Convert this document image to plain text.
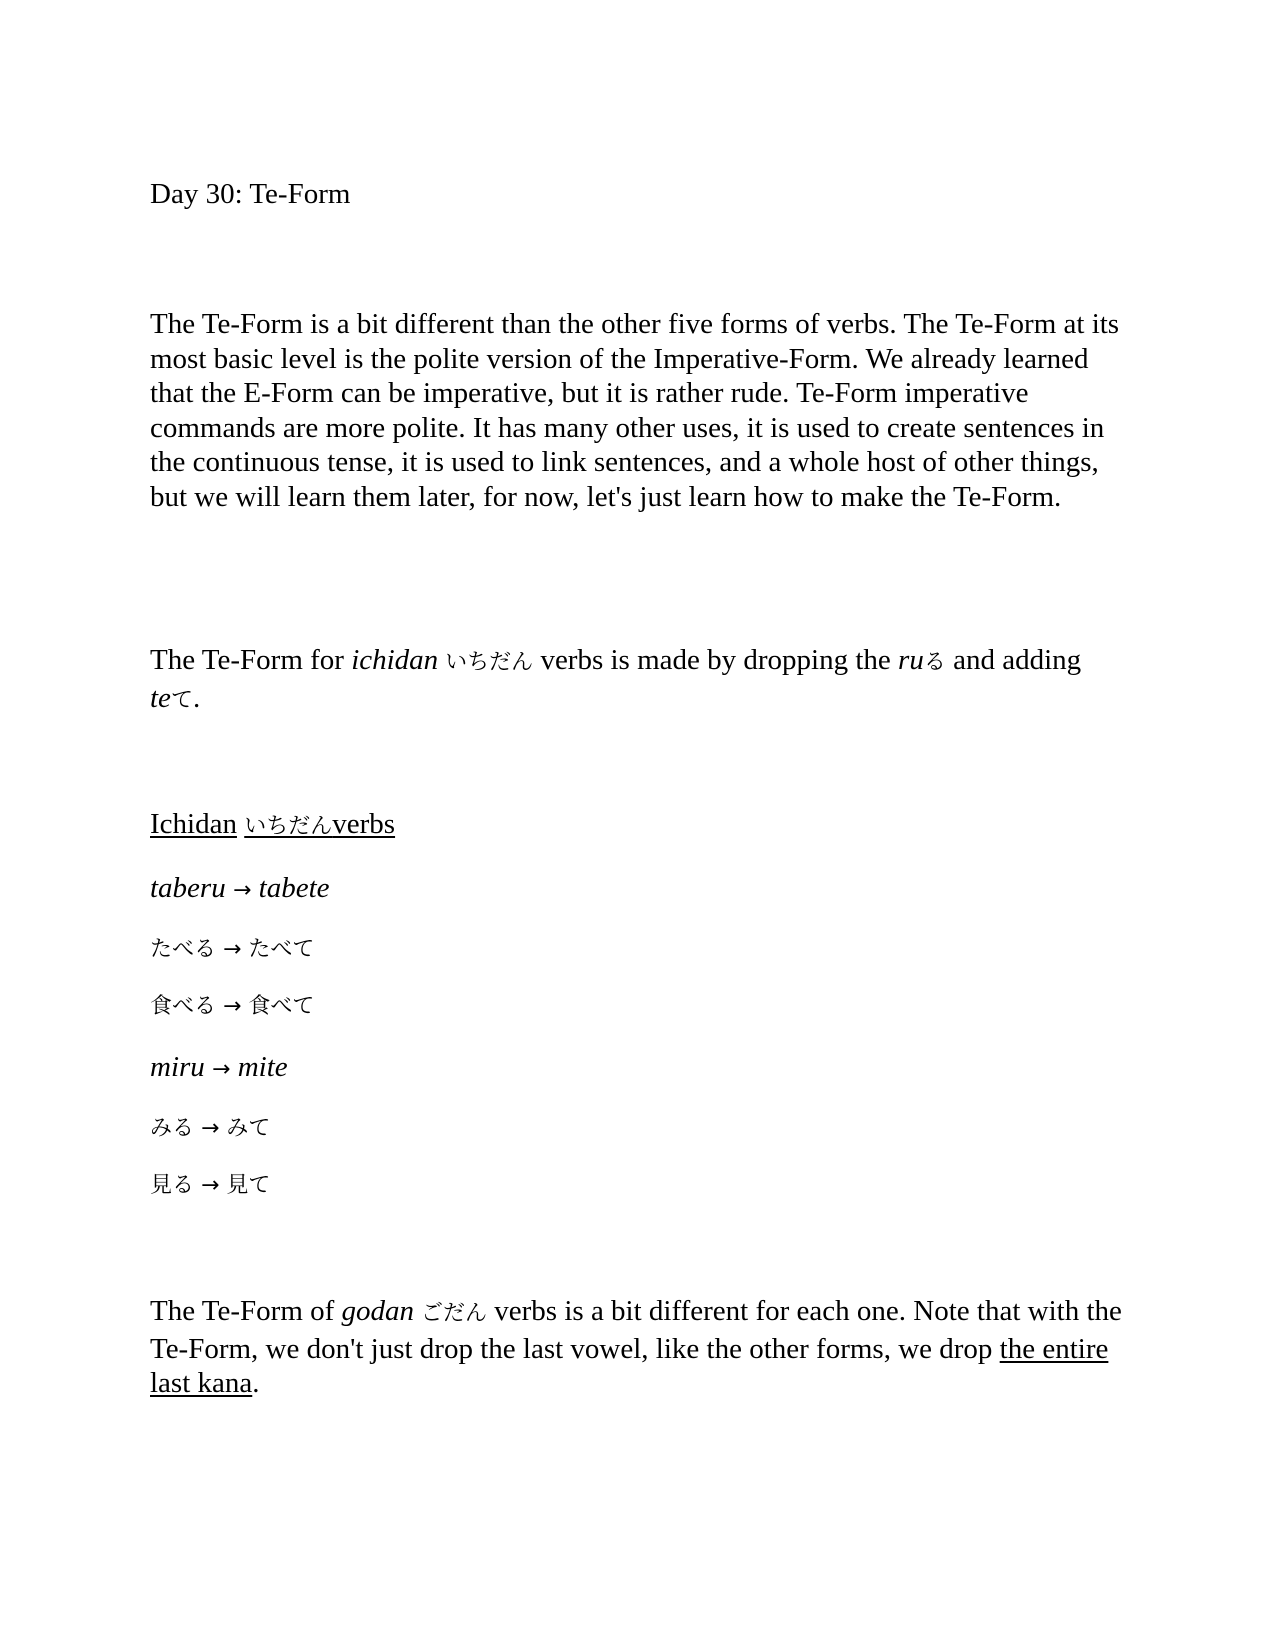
Day 30: Te-Form
The Te-Form is a bit different than the other five forms of verbs. The Te-Form at its most basic level is the polite version of the Imperative-Form. We already learned that the E-Form can be imperative, but it is rather rude. Te-Form imperative commands are more polite. It has many other uses, it is used to create sentences in the continuous tense, it is used to link sentences, and a whole host of other things, but we will learn them later, for now, let's just learn how to make the Te-Form.
The Te-Form for ichidan いちだん verbs is made by dropping the ruる and adding
teて.
Ichidan いちだんverbs
taberu → tabete
たべる → たべて
食べる → 食べて
miru → mite
みる → みて
見る → 見て
The Te-Form of godan ごだん verbs is a bit different for each one. Note that with the Te-Form, we don't just drop the last vowel, like the other forms, we drop the entire last kana.
